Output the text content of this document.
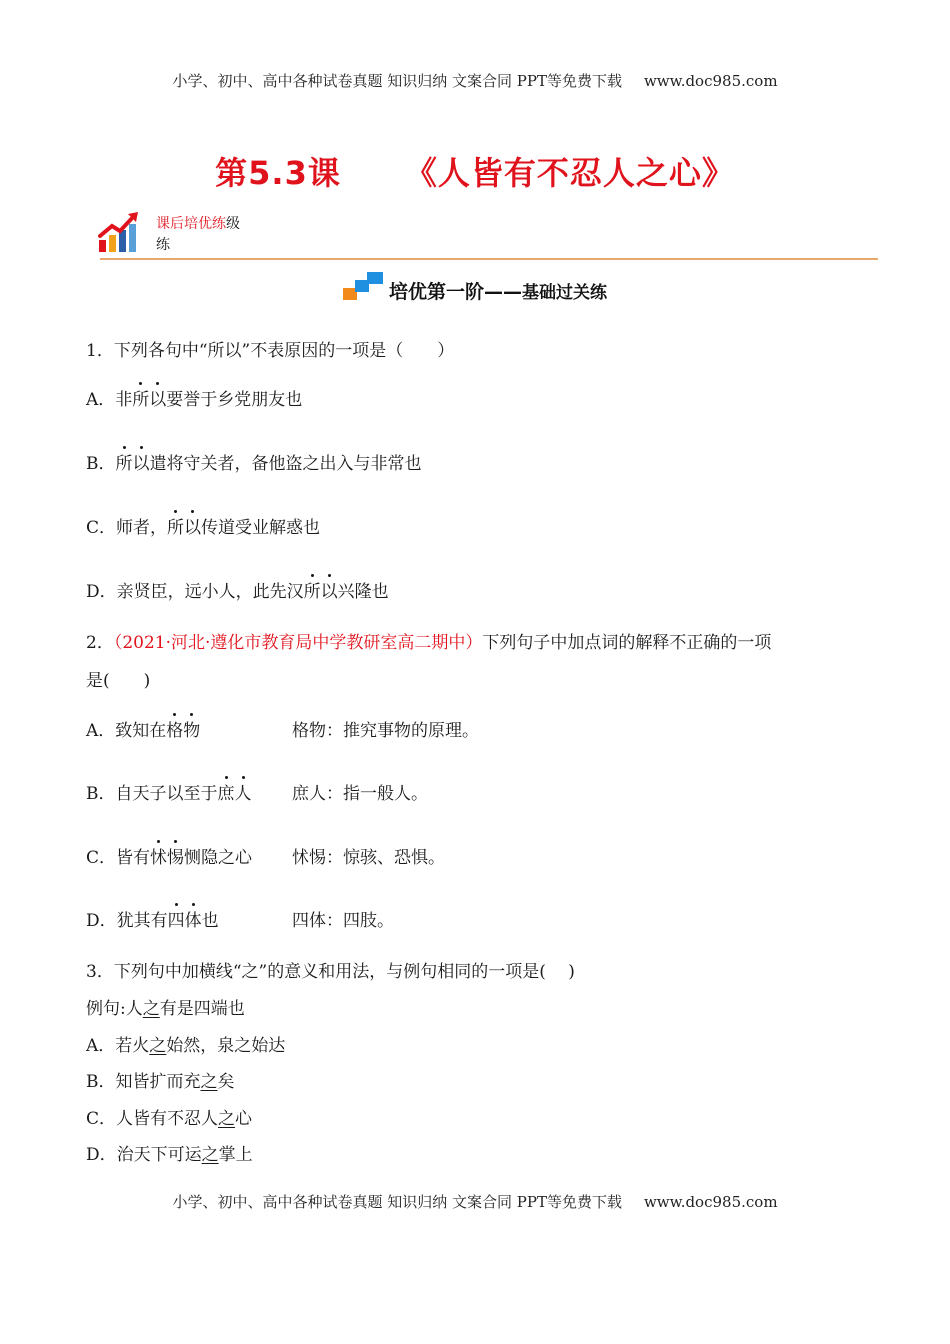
小学、初中、高中各种试卷真题 知识归纳 文案合同 PPT等免费下载 www.doc985.com
第5.3课 《人皆有不忍人之心》
课后培优练级
练
培优第一阶——基础过关练
1．下列各句中“所以”不表原因的一项是（　　）
A．非所以要誉于乡党朋友也
B．所以遣将守关者，备他盗之出入与非常也
C．师者，所以传道受业解惑也
D．亲贤臣，远小人，此先汉所以兴隆也
2．（2021·河北·遵化市教育局中学教研室高二期中）下列句子中加点词的解释不正确的一项
是(　　)
A．致知在格物	格物：推究事物的原理。
B．自天子以至于庶人 庶人：指一般人。
C．皆有怵惕恻隐之心 怵惕：惊骇、恐惧。
D．犹其有四体也	四体：四肢。
3．下列句中加横线“之”的意义和用法，与例句相同的一项是(　 )
例句:人之有是四端也
A．若火之始然，泉之始达
B．知皆扩而充之矣
C．人皆有不忍人之心
D．治天下可运之掌上
小学、初中、高中各种试卷真题 知识归纳 文案合同 PPT等免费下载 www.doc985.com
